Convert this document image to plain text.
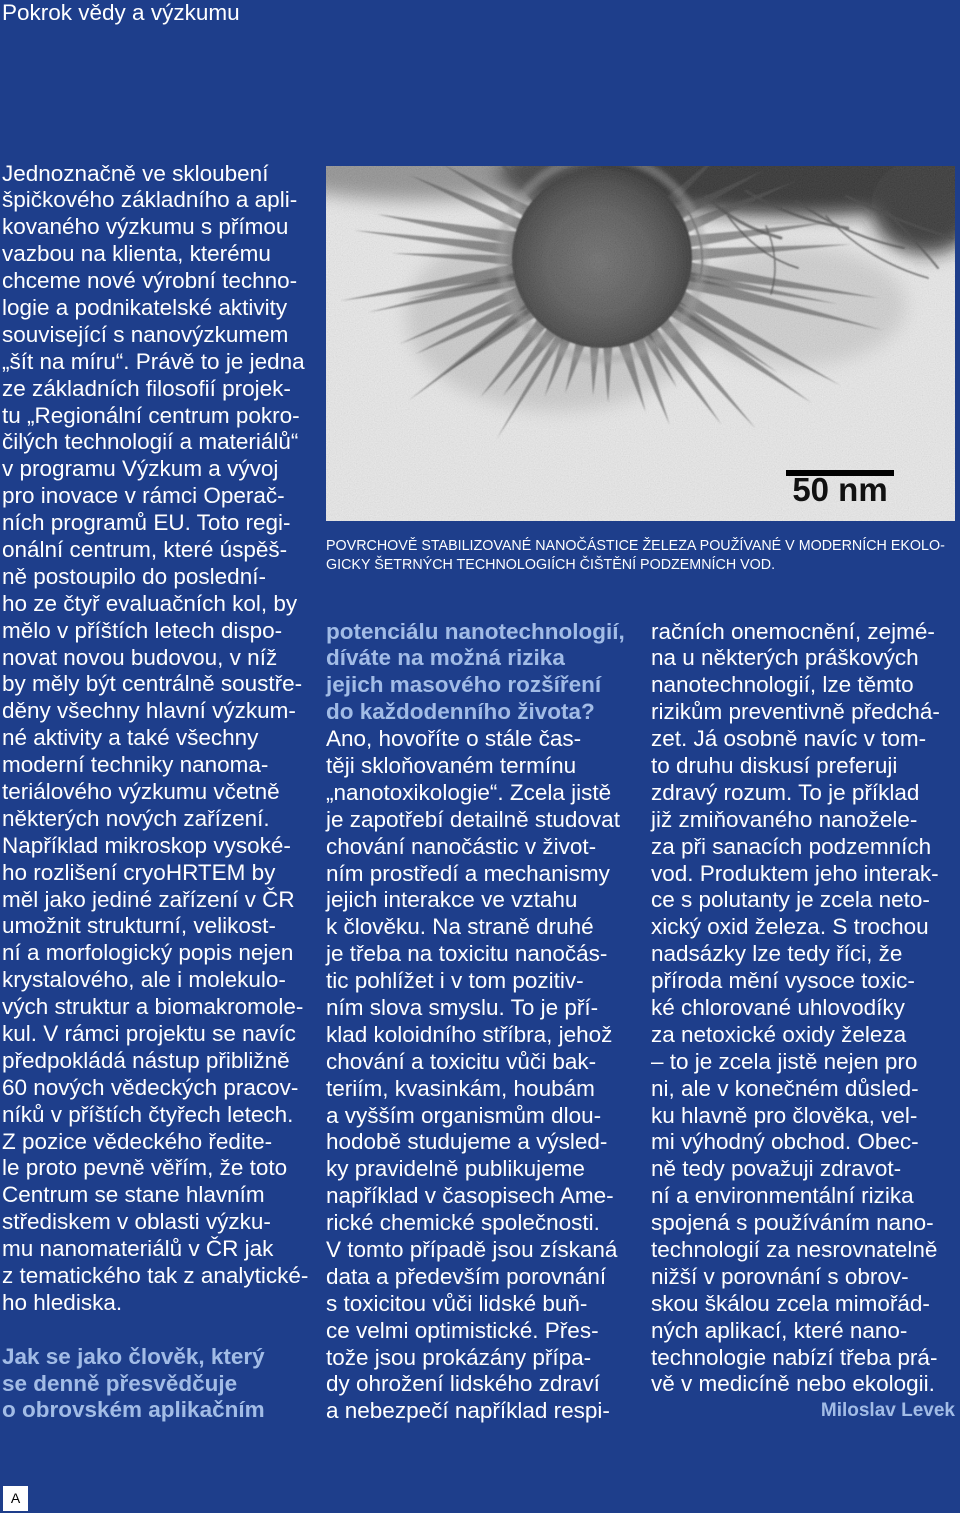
Pokrok vědy a výzkumu
Jednoznačně ve skloubení
špičkového základního a apli-
kovaného výzkumu s přímou
vazbou na klienta, kterému
chceme nové výrobní techno-
logie a podnikatelské aktivity
související s nanovýzkumem
„šít na míru“. Právě to je jedna
ze základních filosofií projek-
tu „Regionální centrum pokro-
čilých technologií a materiálů“
v programu Výzkum a vývoj
pro inovace v rámci Operač-
ních programů EU. Toto regi-
onální centrum, které úspěš-
ně postoupilo do poslední-
ho ze čtyř evaluačních kol, by
mělo v příštích letech dispo-
novat novou budovou, v níž
by měly být centrálně soustře-
děny všechny hlavní výzkum-
né aktivity a také všechny
moderní techniky nanoma-
teriálového výzkumu včetně
některých nových zařízení.
Například mikroskop vysoké-
ho rozlišení cryoHRTEM by
měl jako jediné zařízení v ČR
umožnit strukturní, velikost-
ní a morfologický popis nejen
krystalového, ale i molekulo-
vých struktur a biomakromole-
kul. V rámci projektu se navíc
předpokládá nástup přibližně
60 nových vědeckých pracov-
níků v příštích čtyřech letech.
Z pozice vědeckého ředite-
le proto pevně věřím, že toto
Centrum se stane hlavním
střediskem v oblasti výzku-
mu nanomateriálů v ČR jak
z tematického tak z analytické-
ho hlediska.
Jak se jako člověk, který
se denně přesvědčuje
o obrovském aplikačním
50 nm
POVRCHOVĚ STABILIZOVANÉ NANOČÁSTICE ŽELEZA POUŽÍVANÉ V MODERNÍCH EKOLO-
GICKY ŠETRNÝCH TECHNOLOGIÍCH ČIŠTĚNÍ PODZEMNÍCH VOD.
potenciálu nanotechnologií,
díváte na možná rizika
jejich masového rozšíření
do každodenního života?
Ano, hovoříte o stále čas-
těji skloňovaném termínu
„nanotoxikologie“. Zcela jistě
je zapotřebí detailně studovat
chování nanočástic v život-
ním prostředí a mechanismy
jejich interakce ve vztahu
k člověku. Na straně druhé
je třeba na toxicitu nanočás-
tic pohlížet i v tom pozitiv-
ním slova smyslu. To je pří-
klad koloidního stříbra, jehož
chování a toxicitu vůči bak-
teriím, kvasinkám, houbám
a vyšším organismům dlou-
hodobě studujeme a výsled-
ky pravidelně publikujeme
například v časopisech Ame-
rické chemické společnosti.
V tomto případě jsou získaná
data a především porovnání
s toxicitou vůči lidské buň-
ce velmi optimistické. Přes-
tože jsou prokázány přípa-
dy ohrožení lidského zdraví
a nebezpečí například respi-
račních onemocnění, zejmé-
na u některých práškových
nanotechnologií, lze těmto
rizikům preventivně předchá-
zet. Já osobně navíc v tom-
to druhu diskusí preferuji
zdravý rozum. To je příklad
již zmiňovaného nanožele-
za při sanacích podzemních
vod. Produktem jeho interak-
ce s polutanty je zcela neto-
xický oxid železa. S trochou
nadsázky lze tedy říci, že
příroda mění vysoce toxic-
ké chlorované uhlovodíky
za netoxické oxidy železa
– to je zcela jistě nejen pro
ni, ale v konečném důsled-
ku hlavně pro člověka, vel-
mi výhodný obchod. Obec-
ně tedy považuji zdravot-
ní a environmentální rizika
spojená s používáním nano-
technologií za nesrovnatelně
nižší v porovnání s obrov-
skou škálou zcela mimořád-
ných aplikací, které nano-
technologie nabízí třeba prá-
vě v medicíně nebo ekologii.
Miloslav Levek
A
